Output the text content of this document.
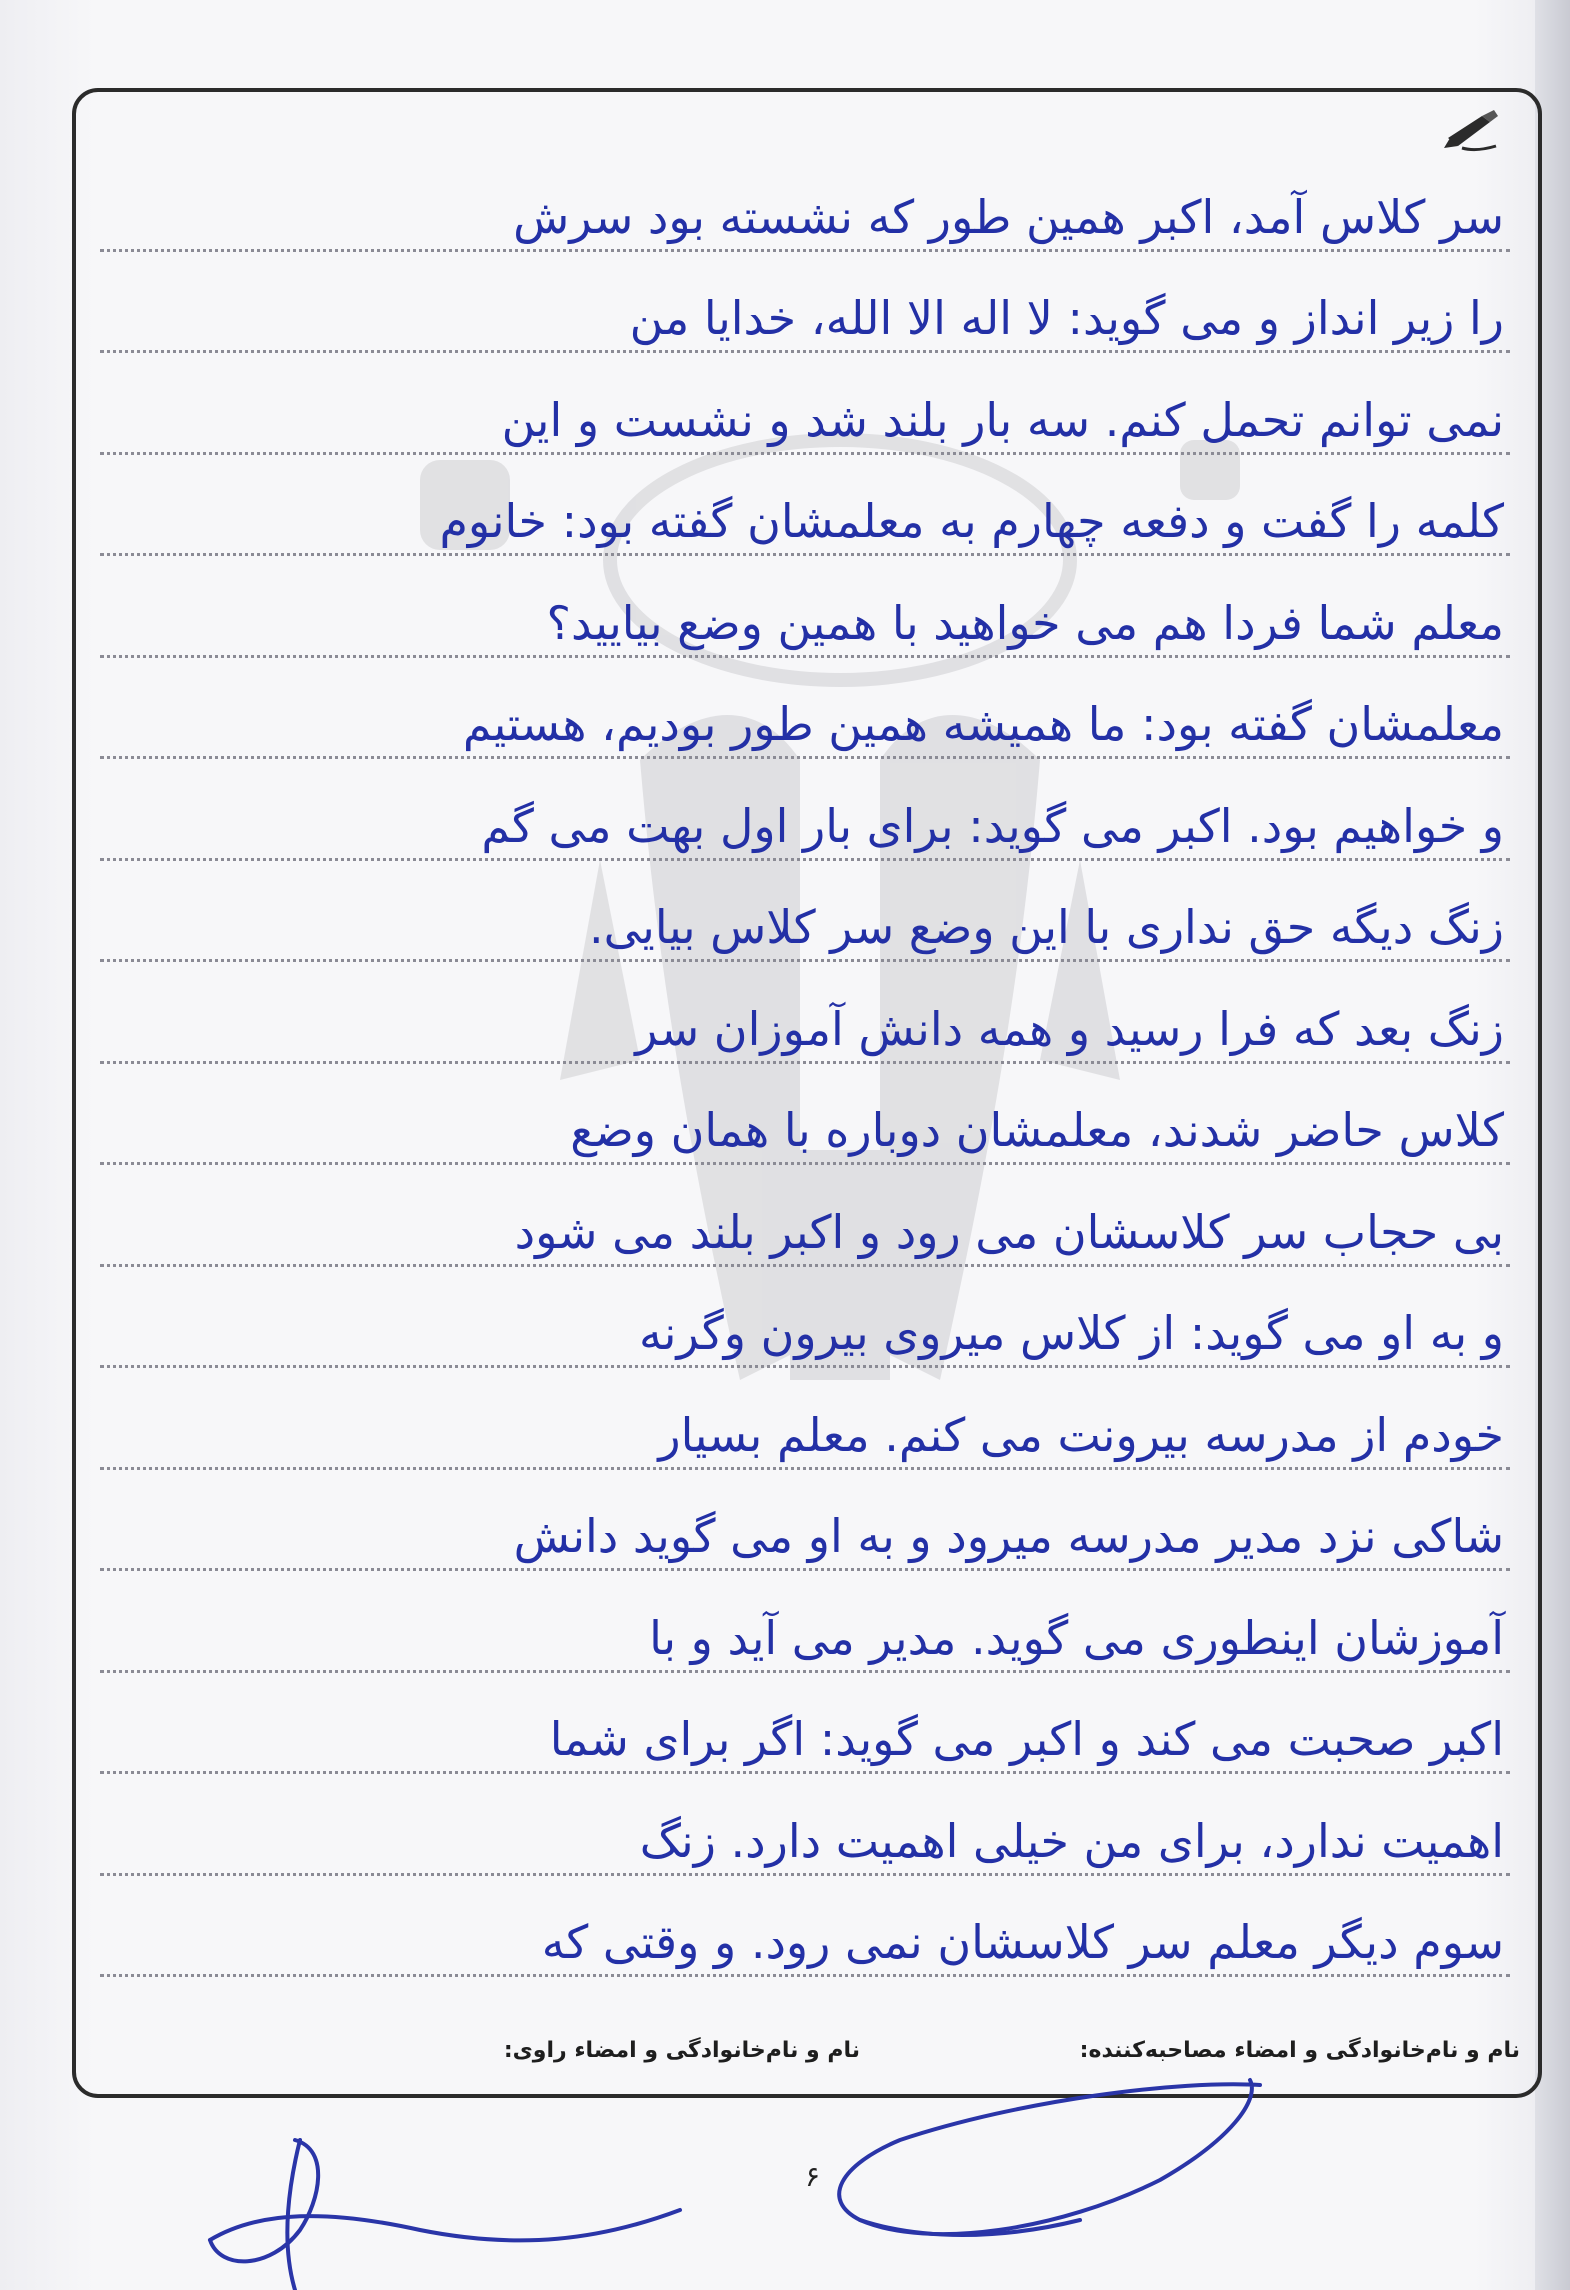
سر کلاس آمد، اکبر همین طور که نشسته بود سرش
را زیر انداز و می گوید: لا اله الا الله، خدایا من
نمی توانم تحمل کنم. سه بار بلند شد و نشست و این
کلمه را گفت و دفعه چهارم به معلمشان گفته بود: خانوم
معلم شما فردا هم می خواهید با همین وضع بیایید؟
معلمشان گفته بود: ما همیشه همین طور بودیم، هستیم
و خواهیم بود. اکبر می گوید: برای بار اول بهت می گم
زنگ دیگه حق نداری با این وضع سر کلاس بیایی.
زنگ بعد که فرا رسید و همه دانش آموزان سر
کلاس حاضر شدند، معلمشان دوباره با همان وضع
بی حجاب سر کلاسشان می رود و اکبر بلند می شود
و به او می گوید: از کلاس میروی بیرون وگرنه
خودم از مدرسه بیرونت می کنم. معلم بسیار
شاکی نزد مدیر مدرسه میرود و به او می گوید دانش
آموزشان اینطوری می گوید. مدیر می آید و با
اکبر صحبت می کند و اکبر می گوید: اگر برای شما
اهمیت ندارد، برای من خیلی اهمیت دارد. زنگ
سوم دیگر معلم سر کلاسشان نمی رود. و وقتی که
نام و نام‌خانوادگی و امضاء مصاحبه‌کننده:
نام و نام‌خانوادگی و امضاء راوی:
۶
